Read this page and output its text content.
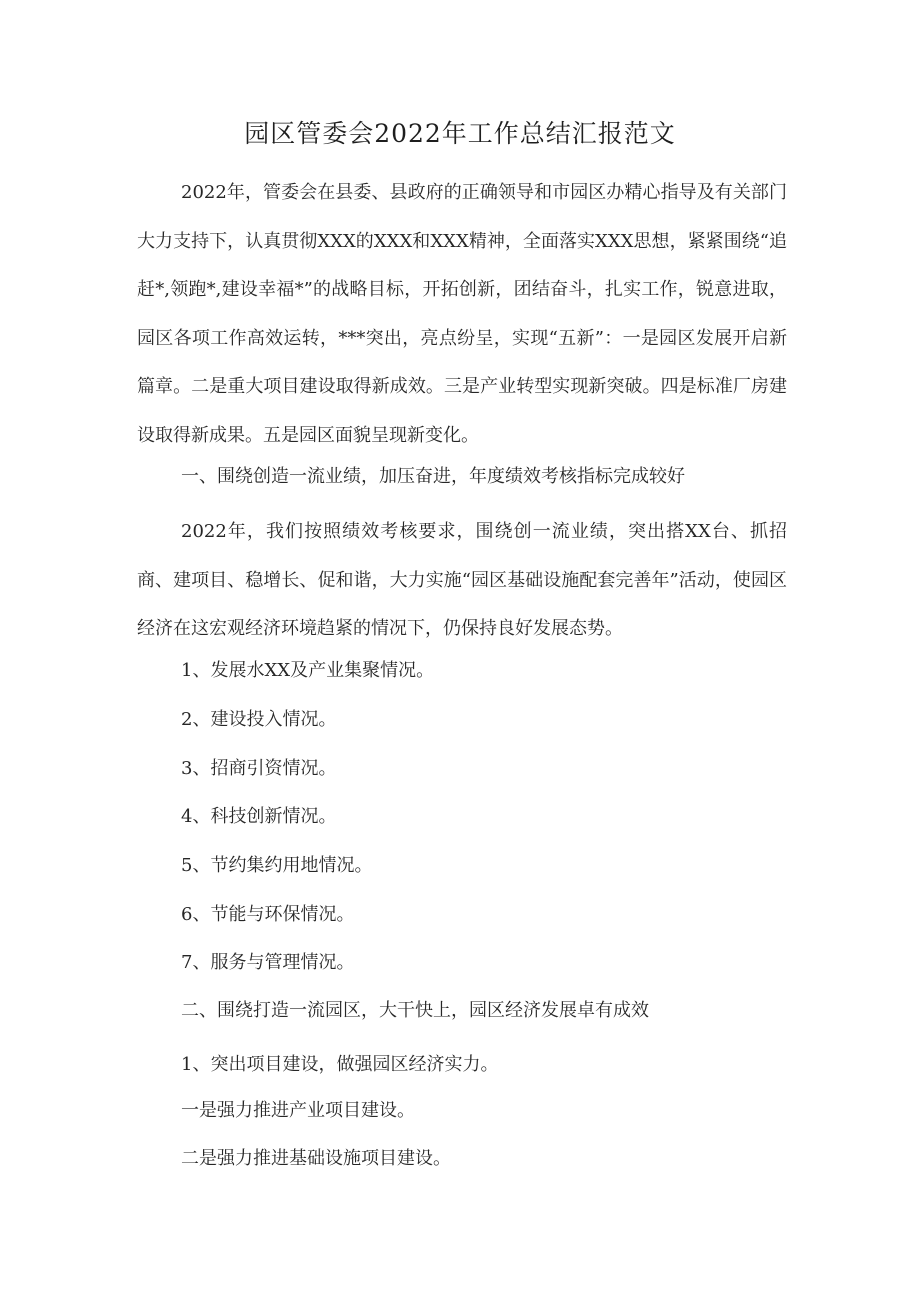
园区管委会2022年工作总结汇报范文
2022年，管委会在县委、县政府的正确领导和市园区办精心指导及有关部门大力支持下，认真贯彻XXX的XXX和XXX精神，全面落实XXX思想，紧紧围绕“追赶*,领跑*,建设幸福*”的战略目标，开拓创新，团结奋斗，扎实工作，锐意进取，园区各项工作高效运转，***突出，亮点纷呈，实现“五新”：一是园区发展开启新篇章。二是重大项目建设取得新成效。三是产业转型实现新突破。四是标准厂房建设取得新成果。五是园区面貌呈现新变化。
一、围绕创造一流业绩，加压奋进，年度绩效考核指标完成较好
2022年，我们按照绩效考核要求，围绕创一流业绩，突出搭XX台、抓招商、建项目、稳增长、促和谐，大力实施“园区基础设施配套完善年”活动，使园区经济在这宏观经济环境趋紧的情况下，仍保持良好发展态势。
1、发展水XX及产业集聚情况。
2、建设投入情况。
3、招商引资情况。
4、科技创新情况。
5、节约集约用地情况。
6、节能与环保情况。
7、服务与管理情况。
二、围绕打造一流园区，大干快上，园区经济发展卓有成效
1、突出项目建设，做强园区经济实力。
一是强力推进产业项目建设。
二是强力推进基础设施项目建设。
